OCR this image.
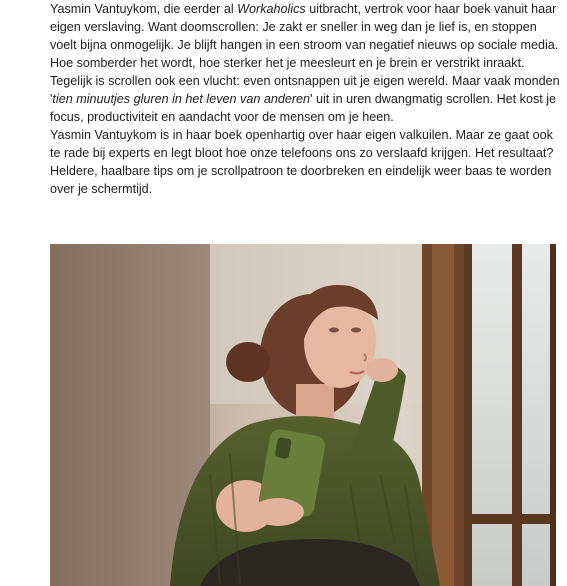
Yasmin Vantuykom, die eerder al Workaholics uitbracht, vertrok voor haar boek vanuit haar eigen verslaving. Want doomscrollen: Je zakt er sneller in weg dan je lief is, en stoppen voelt bijna onmogelijk. Je blijft hangen in een stroom van negatief nieuws op sociale media. Hoe somberder het wordt, hoe sterker het je meesleurt en je brein er verstrikt inraakt. Tegelijk is scrollen ook een vlucht: even ontsnappen uit je eigen wereld. Maar vaak monden 'tien minuutjes gluren in het leven van anderen' uit in uren dwangmatig scrollen. Het kost je focus, productiviteit en aandacht voor de mensen om je heen.

Yasmin Vantuykom is in haar boek openhartig over haar eigen valkuilen. Maar ze gaat ook te rade bij experts en legt bloot hoe onze telefoons ons zo verslaafd krijgen. Het resultaat? Heldere, haalbare tips om je scrollpatroon te doorbreken en eindelijk weer baas te worden over je schermtijd.
